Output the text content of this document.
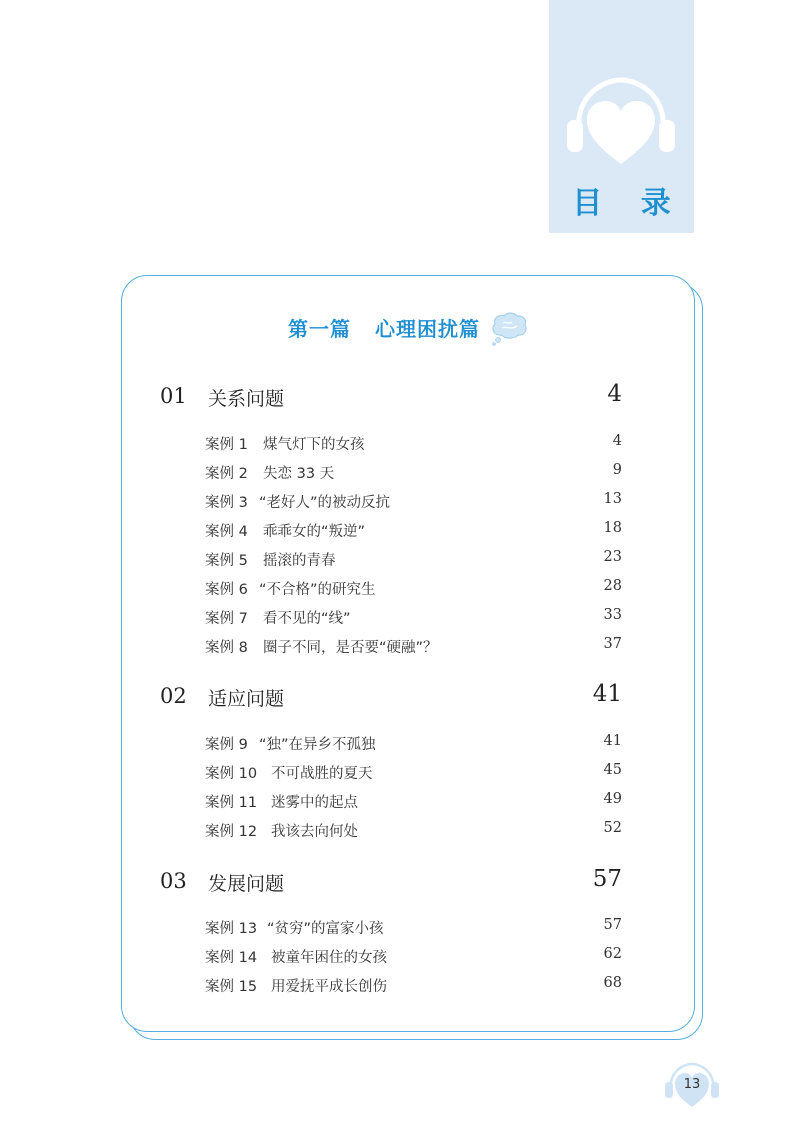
目 录
第一篇 心理困扰篇
01 关系问题	4
案例 1 煤气灯下的女孩	4
案例 2 失恋 33 天	9
案例 3 “老好人”的被动反抗	13
案例 4 乖乖女的“叛逆”	18
案例 5 摇滚的青春	23
案例 6 “不合格”的研究生	28
案例 7 看不见的“线”	33
案例 8 圈子不同，是否要“硬融”？	37
02 适应问题	41
案例 9 “独”在异乡不孤独	41
案例 10 不可战胜的夏天	45
案例 11 迷雾中的起点	49
案例 12 我该去向何处	52
03 发展问题	57
案例 13 “贫穷”的富家小孩	57
案例 14 被童年困住的女孩	62
案例 15 用爱抚平成长创伤	68
13
